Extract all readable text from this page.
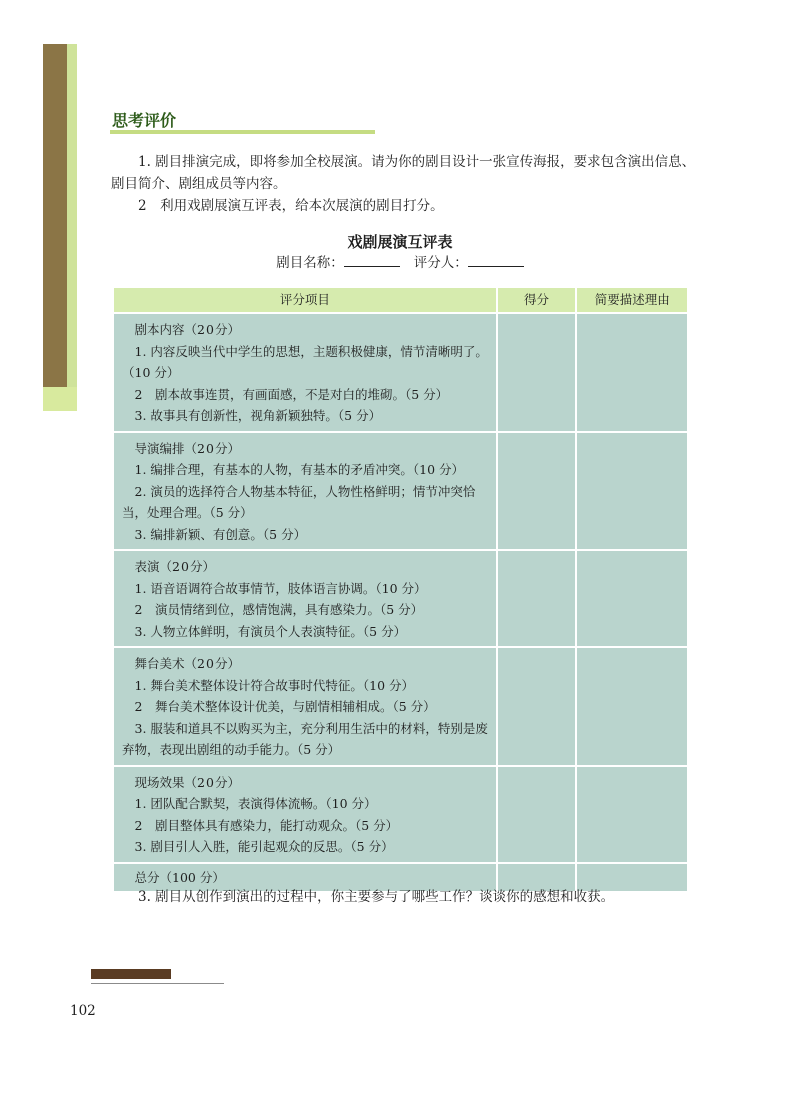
思考评价

1. 剧目排演完成，即将参加全校展演。请为你的剧目设计一张宣传海报，要求包含演出信息、剧目简介、剧组成员等内容。

2　利用戏剧展演互评表，给本次展演的剧目打分。

戏剧展演互评表

剧目名称：	评分人：

评分项目	得分	简要描述理由

剧本内容（20分）

1. 内容反映当代中学生的思想，主题积极健康，情节清晰明了。（10 分）

2　剧本故事连贯，有画面感，不是对白的堆砌。（5 分）

3. 故事具有创新性，视角新颖独特。（5 分）		

导演编排（20分）

1. 编排合理，有基本的人物，有基本的矛盾冲突。（10 分）

2. 演员的选择符合人物基本特征，人物性格鲜明；情节冲突恰当，处理合理。（5 分）

3. 编排新颖、有创意。（5 分）		

表演（20分）

1. 语音语调符合故事情节，肢体语言协调。（10 分）

2　演员情绪到位，感情饱满，具有感染力。（5 分）

3. 人物立体鲜明，有演员个人表演特征。（5 分）		

舞台美术（20分）

1. 舞台美术整体设计符合故事时代特征。（10 分）

2　舞台美术整体设计优美，与剧情相辅相成。（5 分）

3. 服装和道具不以购买为主，充分利用生活中的材料，特别是废弃物，表现出剧组的动手能力。（5 分）		

现场效果（20分）

1. 团队配合默契，表演得体流畅。（10 分）

2　剧目整体具有感染力，能打动观众。（5 分）

3. 剧目引人入胜，能引起观众的反思。（5 分）		

总分（100 分）		

3. 剧目从创作到演出的过程中，你主要参与了哪些工作？谈谈你的感想和收获。

102
